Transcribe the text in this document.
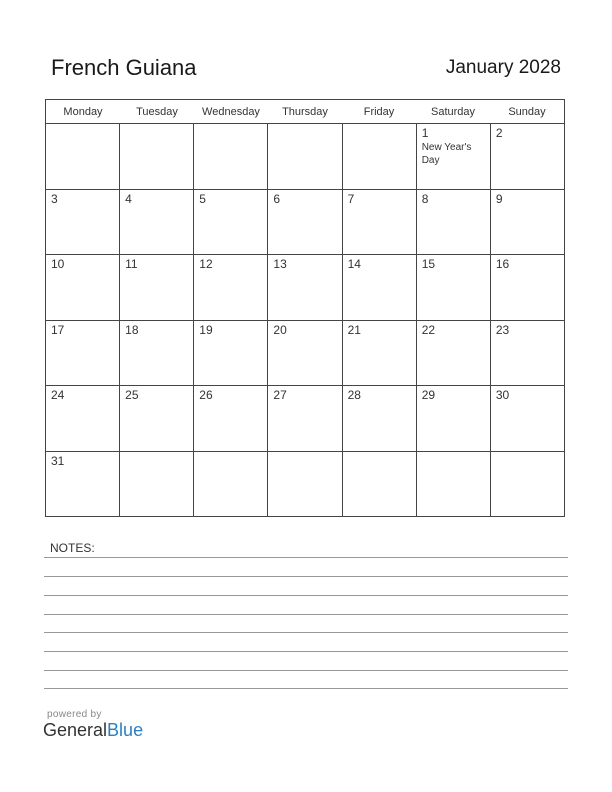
French Guiana	January 2028
Monday	Tuesday	Wednesday	Thursday	Friday	Saturday	Sunday
1
New Year's Day
2
3	4	5	6	7	8	9
10	11	12	13	14	15	16
17	18	19	20	21	22	23
24	25	26	27	28	29	30
31
NOTES:
powered by
GeneralBlue
